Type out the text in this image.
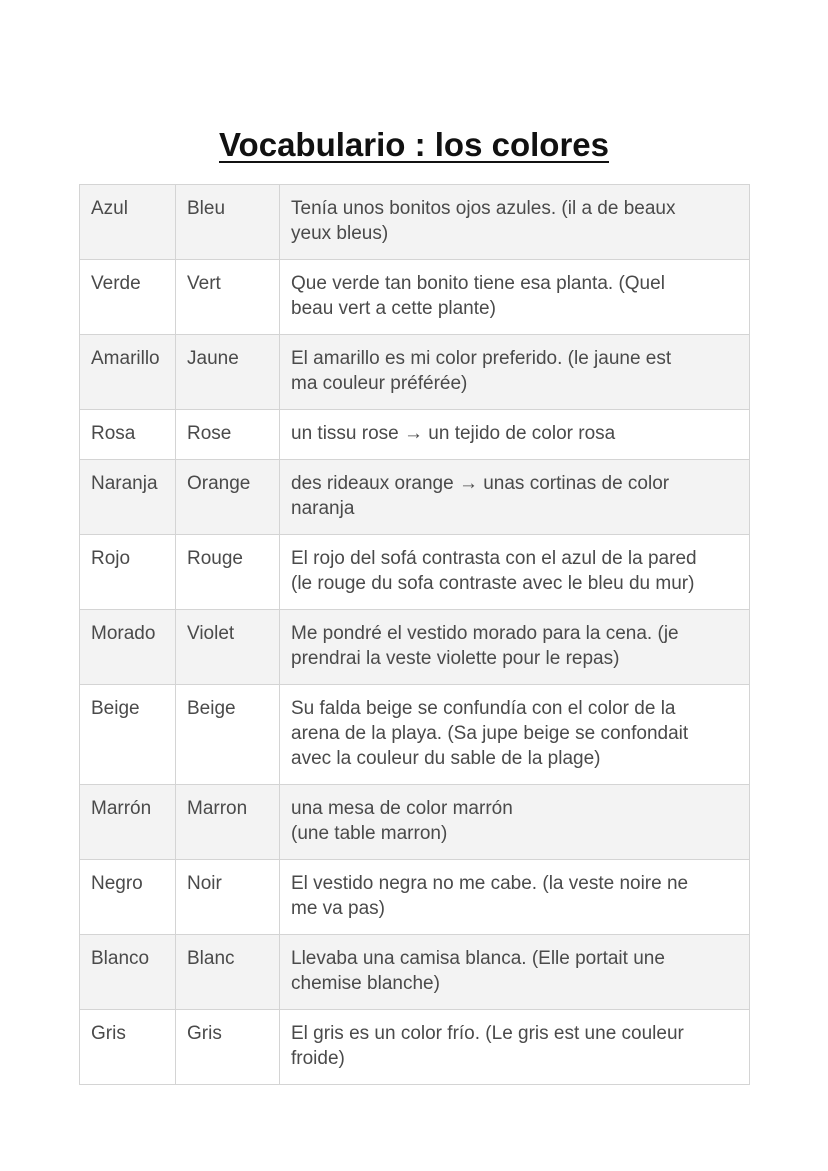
Vocabulario : los colores
Azul	Bleu	Tenía unos bonitos ojos azules. (il a de beaux
yeux bleus)

Verde	Vert	Que verde tan bonito tiene esa planta. (Quel
beau vert a cette plante)

Amarillo	Jaune	El amarillo es mi color preferido. (le jaune est
ma couleur préférée)

Rosa	Rose	un tissu rose → un tejido de color rosa

Naranja	Orange	des rideaux orange → unas cortinas de color
naranja

Rojo	Rouge	El rojo del sofá contrasta con el azul de la pared
(le rouge du sofa contraste avec le bleu du mur)

Morado	Violet	Me pondré el vestido morado para la cena. (je
prendrai la veste violette pour le repas)

Beige	Beige	Su falda beige se confundía con el color de la
arena de la playa. (Sa jupe beige se confondait
avec la couleur du sable de la plage)

Marrón	Marron	una mesa de color marrón
(une table marron)

Negro	Noir	El vestido negra no me cabe. (la veste noire ne
me va pas)

Blanco	Blanc	Llevaba una camisa blanca. (Elle portait une
chemise blanche)

Gris	Gris	El gris es un color frío. (Le gris est une couleur
froide)
